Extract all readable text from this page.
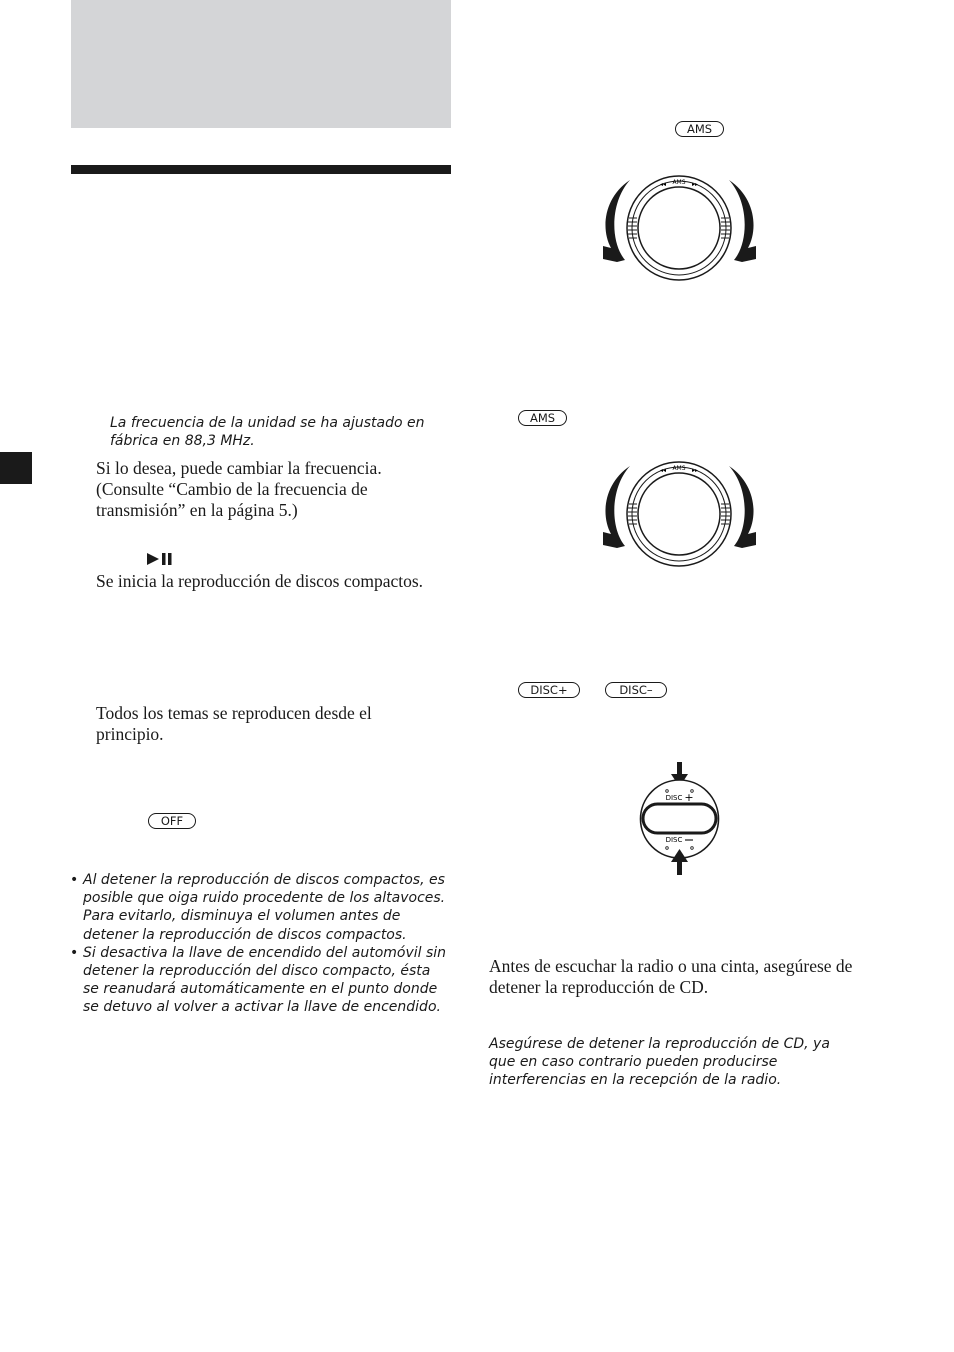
La frecuencia de la unidad se ha ajustado en fábrica en 88,3 MHz.
Si lo desea, puede cambiar la frecuencia. (Consulte “Cambio de la frecuencia de transmisión” en la página 5.)
Se inicia la reproducción de discos compactos.
Todos los temas se reproducen desde el principio.
OFF
• Al detener la reproducción de discos compactos, es posible que oiga ruido procedente de los altavoces. Para evitarlo, disminuya el volumen antes de detener la reproducción de discos compactos.
• Si desactiva la llave de encendido del automóvil sin detener la reproducción del disco compacto, ésta se reanudará automáticamente en el punto donde se detuvo al volver a activar la llave de encendido.
AMS
AMS
◂◂	▸▸
AMS
AMS
◂◂	▸▸
DISC+	DISC–
DISC +
DISC
Antes de escuchar la radio o una cinta, asegúrese de detener la reproducción de CD.
Asegúrese de detener la reproducción de CD, ya que en caso contrario pueden producirse interferencias en la recepción de la radio.
